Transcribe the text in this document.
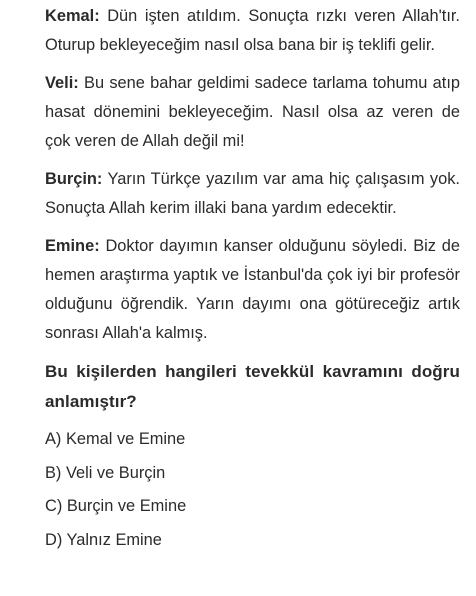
Kemal: Dün işten atıldım. Sonuçta rızkı veren Allah'tır. Oturup bekleyeceğim nasıl olsa bana bir iş teklifi gelir.

Veli: Bu sene bahar geldimi sadece tarlama tohumu atıp hasat dönemini bekleyeceğim. Nasıl olsa az veren de çok veren de Allah değil mi!

Burçin: Yarın Türkçe yazılım var ama hiç çalışasım yok. Sonuçta Allah kerim illaki bana yardım edecektir.

Emine: Doktor dayımın kanser olduğunu söyledi. Biz de hemen araştırma yaptık ve İstanbul'da çok iyi bir profesör olduğunu öğrendik. Yarın dayımı ona götüreceğiz artık sonrası Allah'a kalmış.

Bu kişilerden hangileri tevekkül kavramını doğru anlamıştır?

A) Kemal ve Emine
B) Veli ve Burçin
C) Burçin ve Emine
D) Yalnız Emine
